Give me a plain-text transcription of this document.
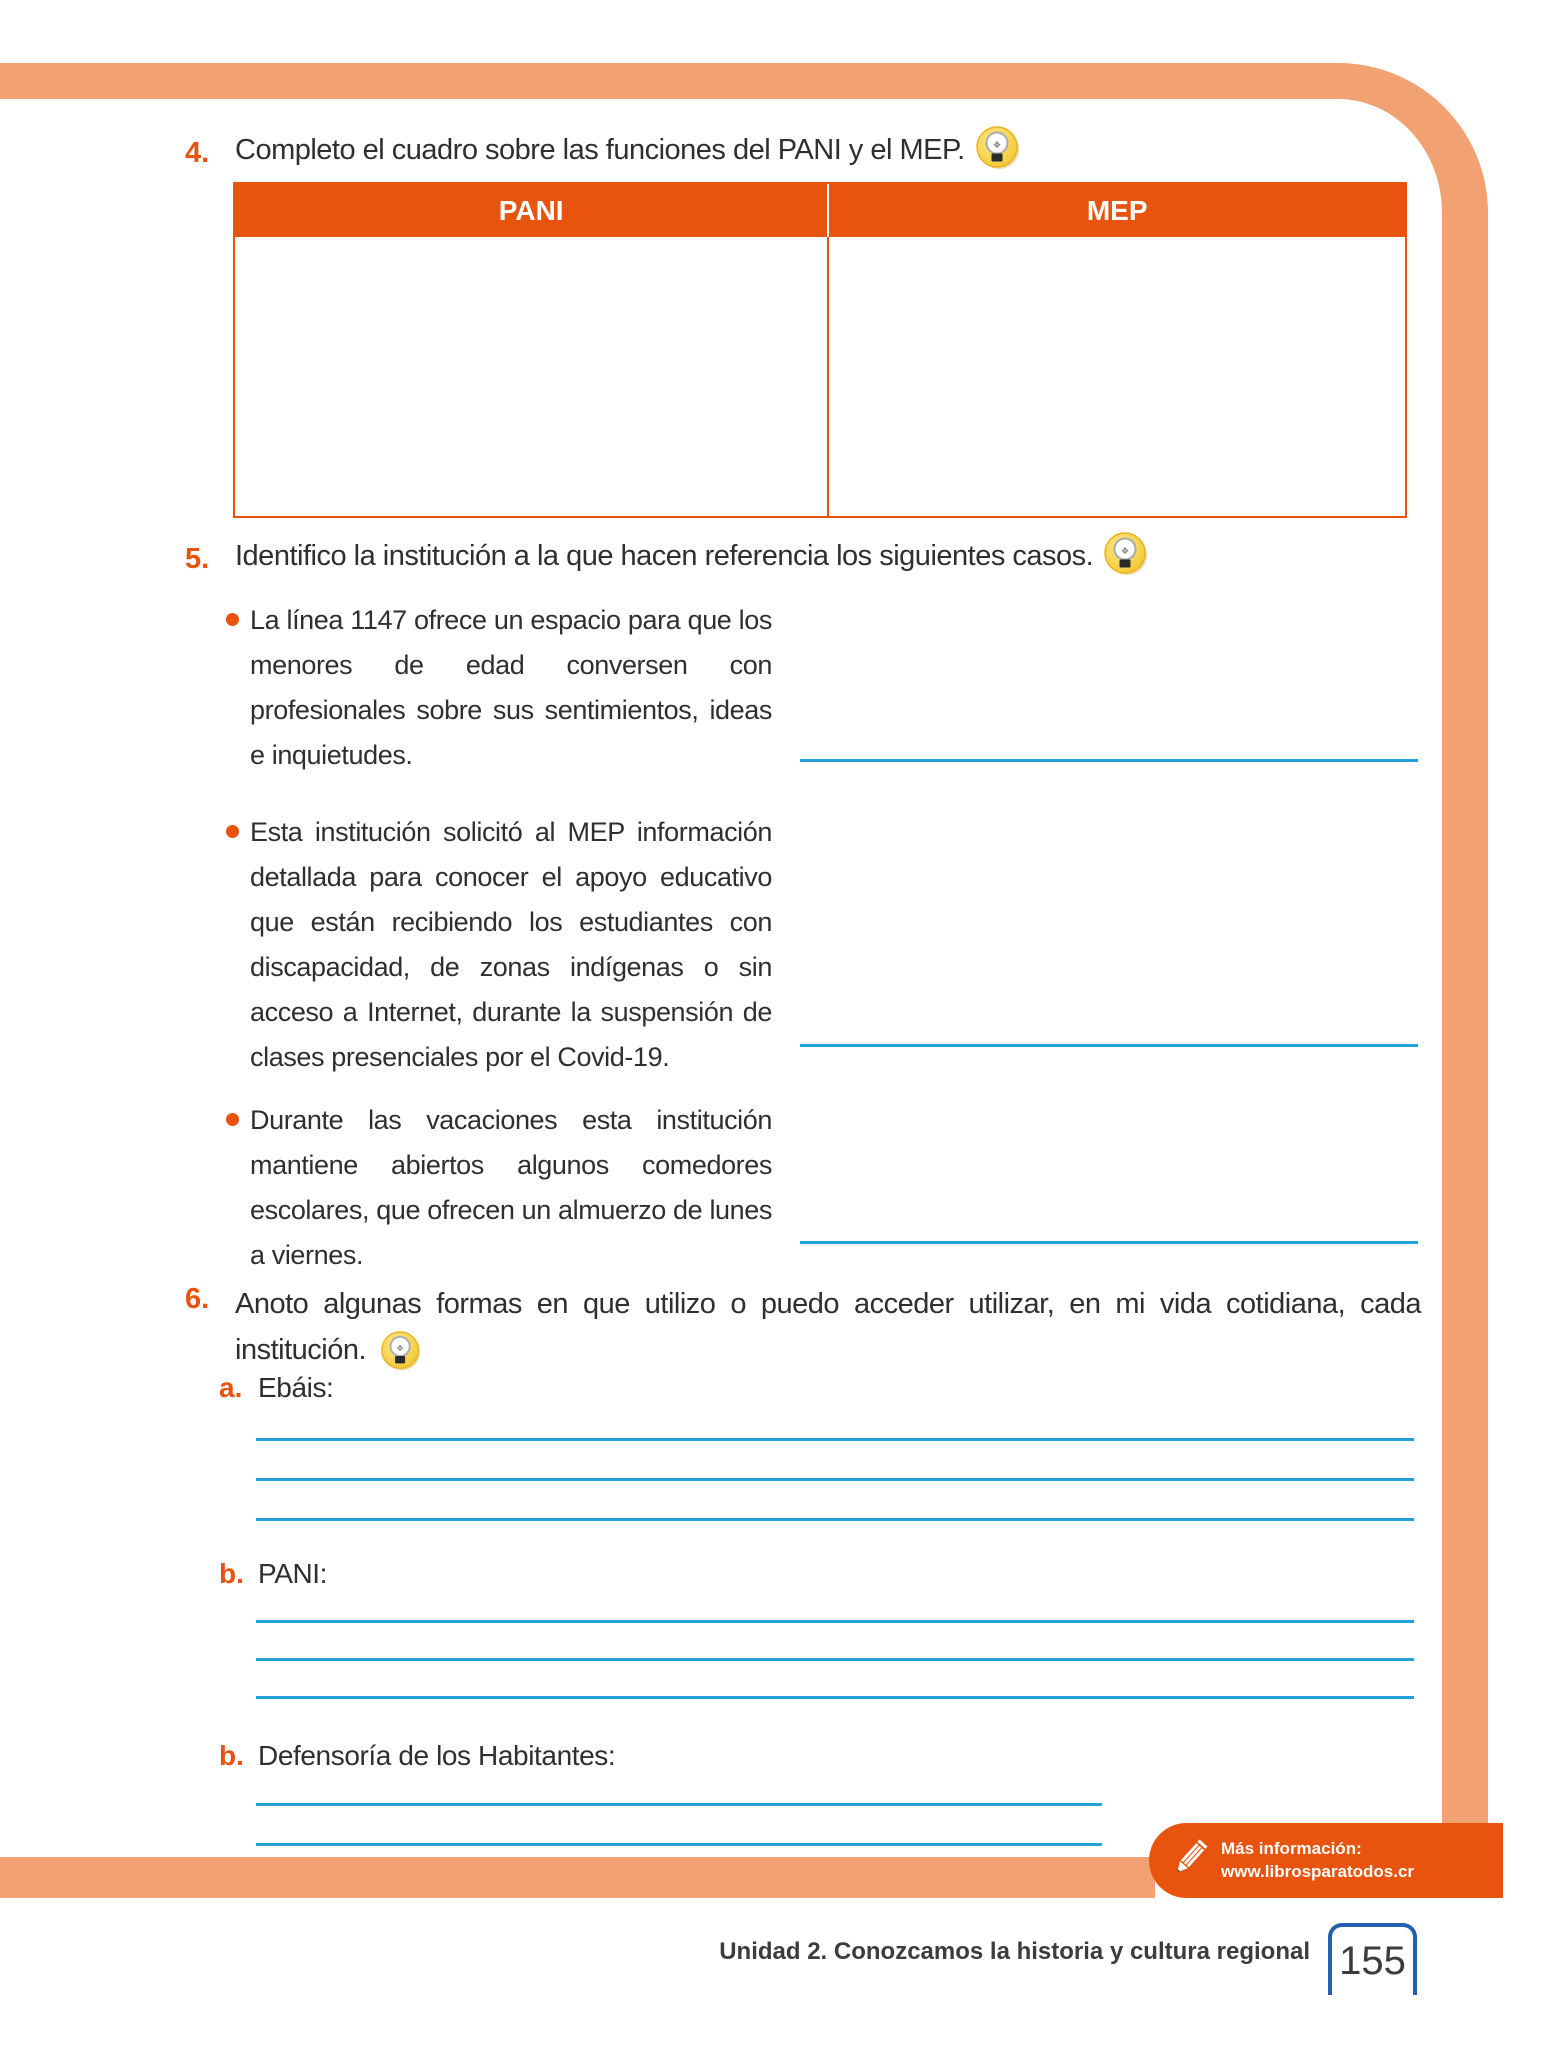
4. Completo el cuadro sobre las funciones del PANI y el MEP.
PANI	MEP
5. Identifico la institución a la que hacen referencia los siguientes casos.
La línea 1147 ofrece un espacio para que los menores de edad conversen con profesionales sobre sus sentimientos, ideas e inquietudes.
Esta institución solicitó al MEP información detallada para conocer el apoyo educativo que están recibiendo los estudiantes con discapacidad, de zonas indígenas o sin acceso a Internet, durante la suspensión de clases presenciales por el Covid-19.
Durante las vacaciones esta institución mantiene abiertos algunos comedores escolares, que ofrecen un almuerzo de lunes a viernes.
6. Anoto algunas formas en que utilizo o puedo acceder utilizar, en mi vida cotidiana, cada institución.
a. Ebáis:
b. PANI:
b. Defensoría de los Habitantes:
Más información:
www.librosparatodos.cr
Unidad 2. Conozcamos la historia y cultura regional 155
